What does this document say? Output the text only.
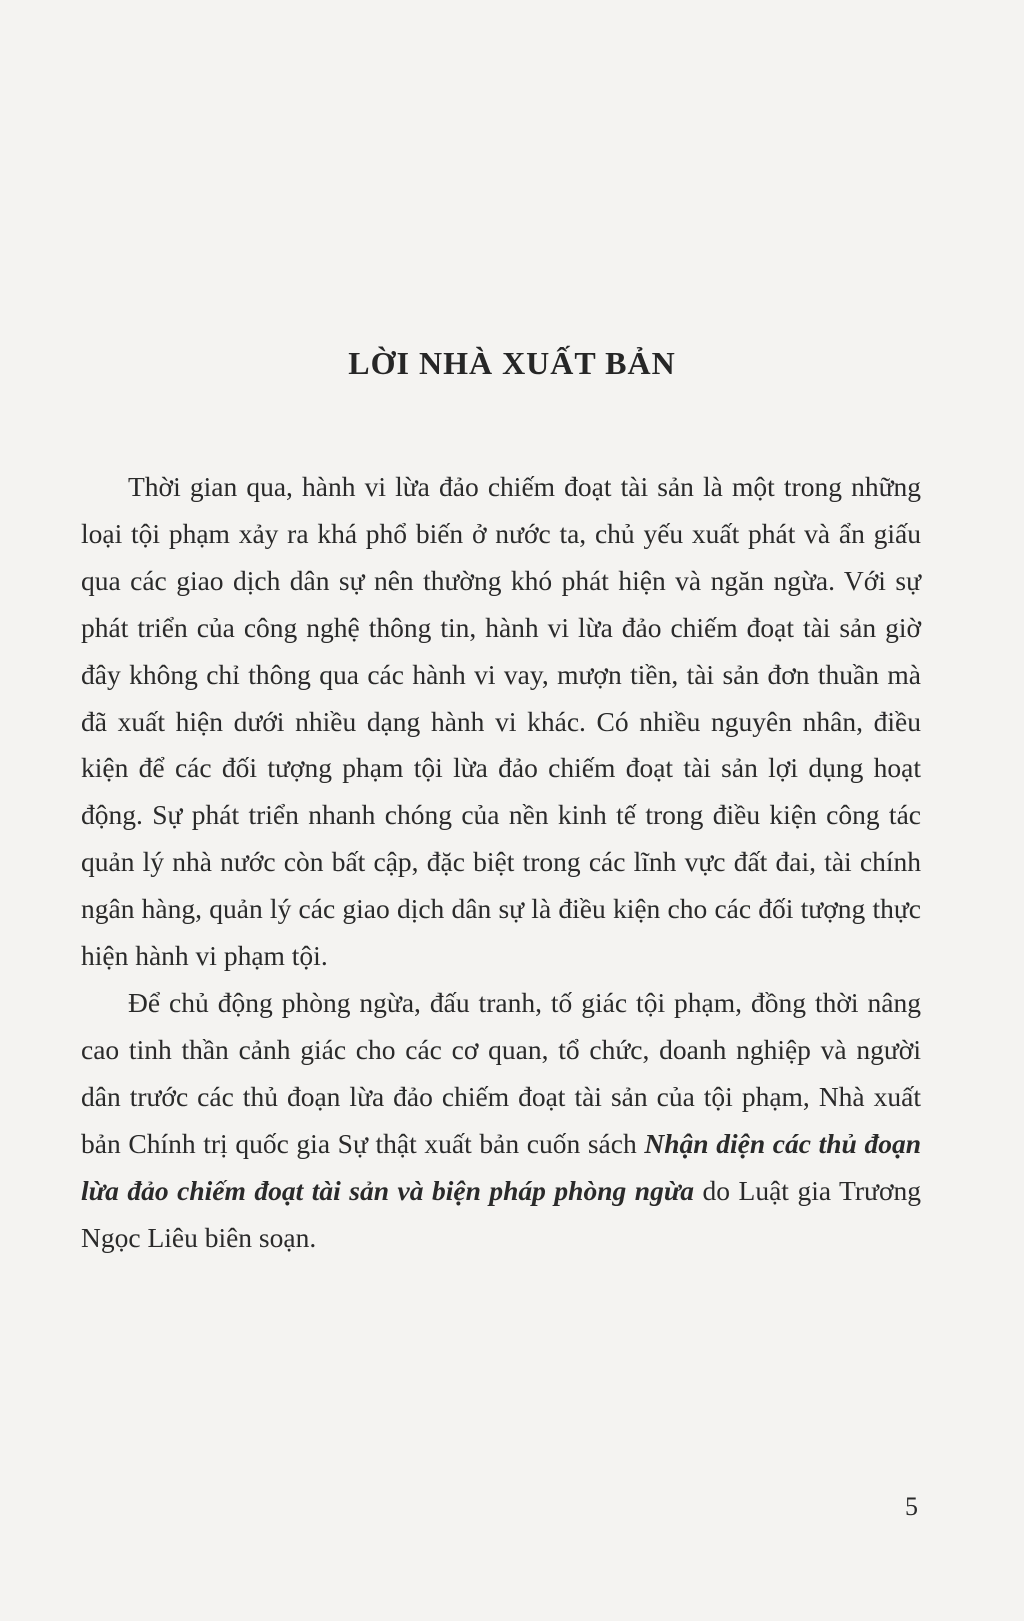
LỜI NHÀ XUẤT BẢN

Thời gian qua, hành vi lừa đảo chiếm đoạt tài sản là một trong những loại tội phạm xảy ra khá phổ biến ở nước ta, chủ yếu xuất phát và ẩn giấu qua các giao dịch dân sự nên thường khó phát hiện và ngăn ngừa. Với sự phát triển của công nghệ thông tin, hành vi lừa đảo chiếm đoạt tài sản giờ đây không chỉ thông qua các hành vi vay, mượn tiền, tài sản đơn thuần mà đã xuất hiện dưới nhiều dạng hành vi khác. Có nhiều nguyên nhân, điều kiện để các đối tượng phạm tội lừa đảo chiếm đoạt tài sản lợi dụng hoạt động. Sự phát triển nhanh chóng của nền kinh tế trong điều kiện công tác quản lý nhà nước còn bất cập, đặc biệt trong các lĩnh vực đất đai, tài chính ngân hàng, quản lý các giao dịch dân sự là điều kiện cho các đối tượng thực hiện hành vi phạm tội.

Để chủ động phòng ngừa, đấu tranh, tố giác tội phạm, đồng thời nâng cao tinh thần cảnh giác cho các cơ quan, tổ chức, doanh nghiệp và người dân trước các thủ đoạn lừa đảo chiếm đoạt tài sản của tội phạm, Nhà xuất bản Chính trị quốc gia Sự thật xuất bản cuốn sách Nhận diện các thủ đoạn lừa đảo chiếm đoạt tài sản và biện pháp phòng ngừa do Luật gia Trương Ngọc Liêu biên soạn.

5
